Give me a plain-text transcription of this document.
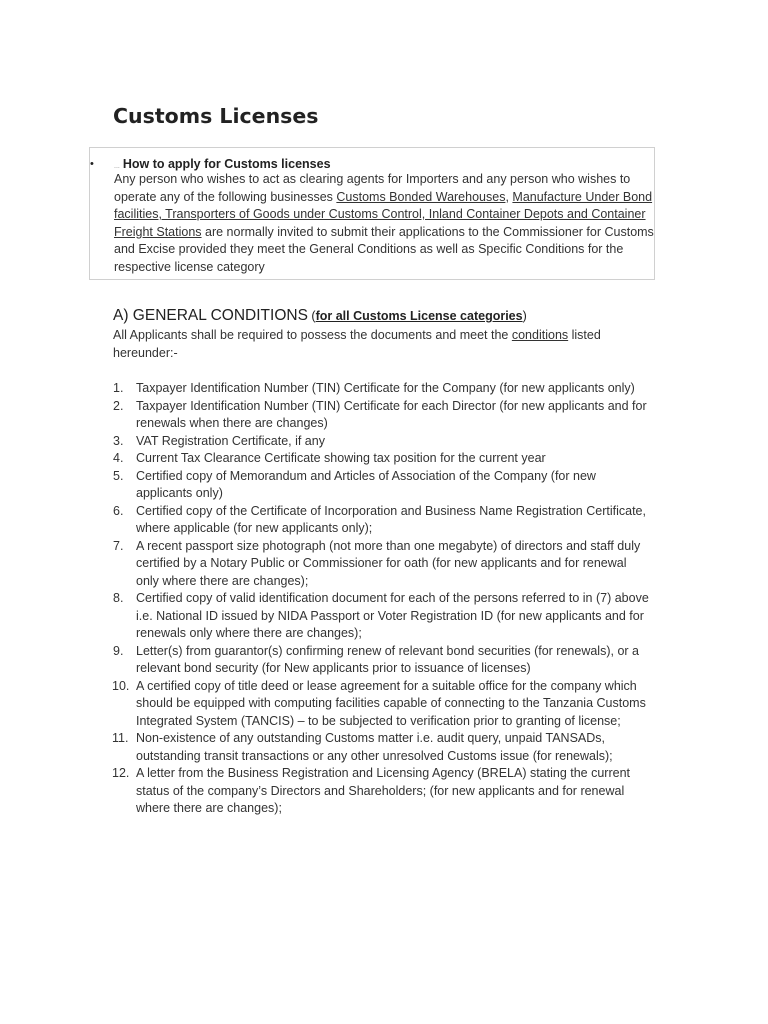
Customs Licenses
•	... How to apply for Customs licenses
Any person who wishes to act as clearing agents for Importers and any person who wishes to
operate any of the following businesses Customs Bonded Warehouses, Manufacture Under Bond
facilities, Transporters of Goods under Customs Control, Inland Container Depots and Container
Freight Stations are normally invited to submit their applications to the Commissioner for Customs
and Excise provided they meet the General Conditions as well as Specific Conditions for the
respective license category
A) GENERAL CONDITIONS (for all Customs License categories)
All Applicants shall be required to possess the documents and meet the conditions listed
hereunder:-
1. Taxpayer Identification Number (TIN) Certificate for the Company (for new applicants only)
2. Taxpayer Identification Number (TIN) Certificate for each Director (for new applicants and for
renewals when there are changes)
3. VAT Registration Certificate, if any
4. Current Tax Clearance Certificate showing tax position for the current year
5. Certified copy of Memorandum and Articles of Association of the Company (for new
applicants only)
6. Certified copy of the Certificate of Incorporation and Business Name Registration Certificate,
where applicable (for new applicants only);
7. A recent passport size photograph (not more than one megabyte) of directors and staff duly
certified by a Notary Public or Commissioner for oath (for new applicants and for renewal
only where there are changes);
8. Certified copy of valid identification document for each of the persons referred to in (7) above
i.e. National ID issued by NIDA Passport or Voter Registration ID (for new applicants and for
renewals only where there are changes);
9. Letter(s) from guarantor(s) confirming renew of relevant bond securities (for renewals), or a
relevant bond security (for New applicants prior to issuance of licenses)
10. A certified copy of title deed or lease agreement for a suitable office for the company which
should be equipped with computing facilities capable of connecting to the Tanzania Customs
Integrated System (TANCIS) – to be subjected to verification prior to granting of license;
11. Non-existence of any outstanding Customs matter i.e. audit query, unpaid TANSADs,
outstanding transit transactions or any other unresolved Customs issue (for renewals);
12. A letter from the Business Registration and Licensing Agency (BRELA) stating the current
status of the company’s Directors and Shareholders; (for new applicants and for renewal
where there are changes);
